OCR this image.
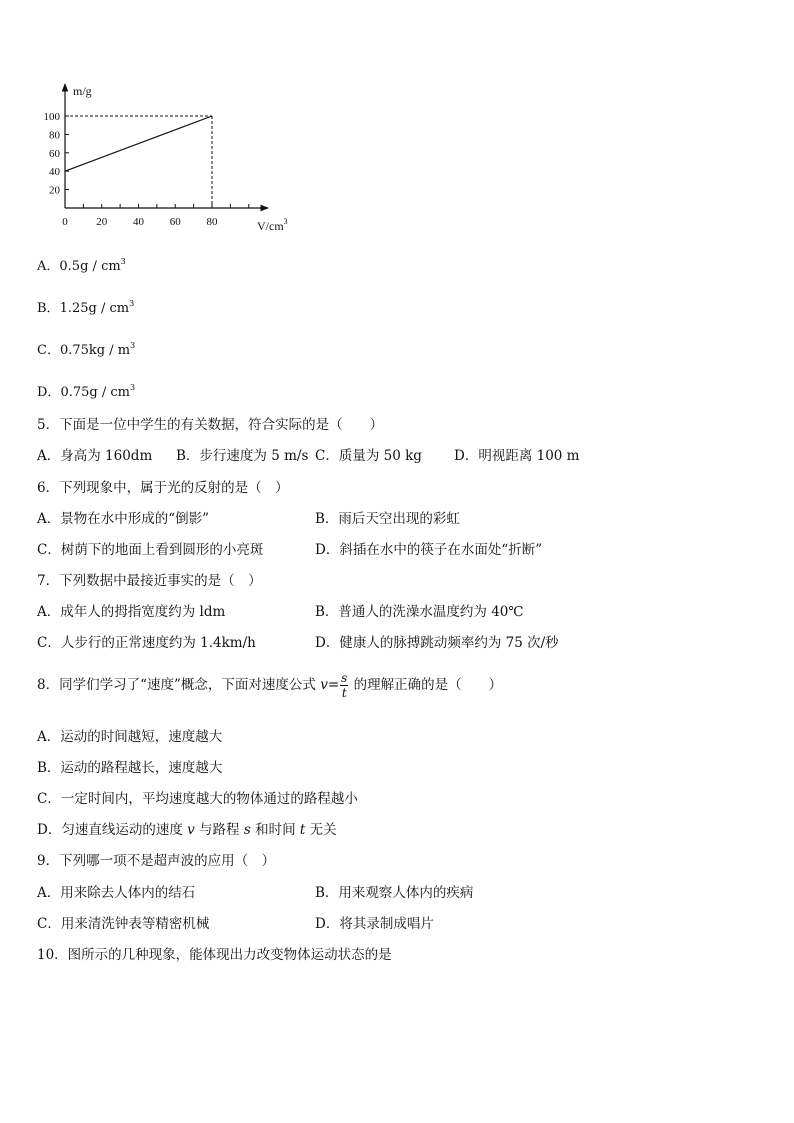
m/g
$V/cm^3$
100
80
60
40
20
0	20 40 60 80
A．$0.5g / cm^3$
B．$1.25g / cm^3$
C．$0.75kg / m^3$
D．$0.75g / cm^3$
5．下面是一位中学生的有关数据，符合实际的是（　　）
A．身高为 160dm B．步行速度为 5 m/s C．质量为 50 kg D．明视距离 100 m
6．下列现象中，属于光的反射的是（　）
A．景物在水中形成的“倒影”	B．雨后天空出现的彩虹
C．树荫下的地面上看到圆形的小亮斑	D．斜插在水中的筷子在水面处“折断”
7．下列数据中最接近事实的是（　）
A．成年人的拇指宽度约为 ldm	B．普通人的洗澡水温度约为 40℃
C．人步行的正常速度约为 1.4km/h	D．健康人的脉搏跳动频率约为 75 次/秒
8．同学们学习了“速度”概念，下面对速度公式 $v= \frac{s}{t}$ 的理解正确的是（　　）
A．运动的时间越短，速度越大
B．运动的路程越长，速度越大
C．一定时间内，平均速度越大的物体通过的路程越小
D．匀速直线运动的速度 v 与路程 s 和时间 t 无关
9．下列哪一项不是超声波的应用（　）
A．用来除去人体内的结石	B．用来观察人体内的疾病
C．用来清洗钟表等精密机械	D．将其录制成唱片
10．图所示的几种现象，能体现出力改变物体运动状态的是
